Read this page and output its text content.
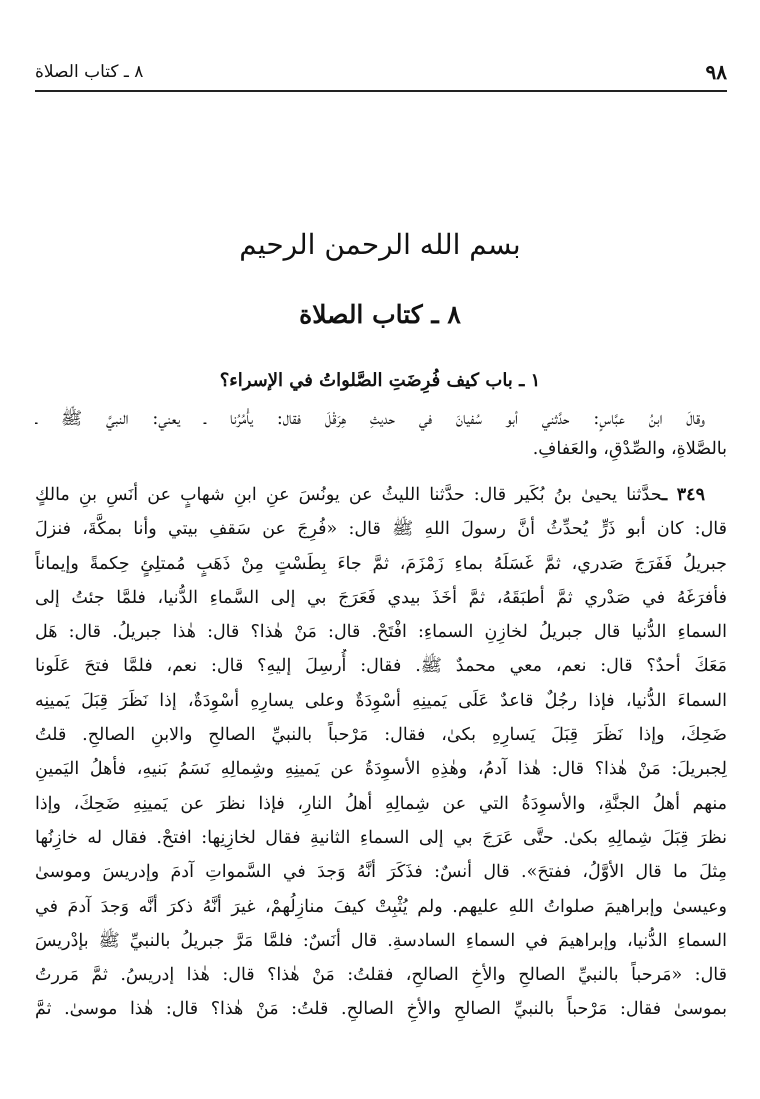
٩٨
٨ ـ كتاب الصلاة
بسم الله الرحمن الرحيم
٨ ـ كتاب الصلاة
١ ـ باب كيف فُرِضَتِ الصَّلواتُ في الإسراء؟
وقالَ ابنُ عبَّاسٍ: حدَّثني أبو سُفيانَ في حديثِ هِرَقْلَ فقال: يأْمُرُنا ـ يعني: النبيَّ ﷺ ـ
بالصَّلاةِ، والصِّدْقِ، والعَفافِ.
٣٤٩ ـحدَّثنا يحيىٰ بنُ بُكَير قال: حدَّثنا الليثُ عن يونُسَ عنِ ابنِ شهابٍ عن أنَسِ بنِ مالكٍ
قال: كان أبو ذَرٍّ يُحدِّثُ أنَّ رسولَ اللهِ ﷺ قال: «فُرِجَ عن سَقفِ بيتي وأنا بمكَّةَ، فنزلَ
جبريلُ فَفَرَجَ صَدري، ثمَّ غَسَلَهُ بماءِ زَمْزَمَ، ثمَّ جاءَ بِطَسْتٍ مِنْ ذَهَبٍ مُمتلِئٍ حِكمةً وإيماناً
فأفرَغَهُ في صَدْري ثمَّ أطبَقَهُ، ثمَّ أخَذَ بيدي فَعَرَجَ بي إلى السَّماءِ الدُّنيا، فلمَّا جئتُ إلى
السماءِ الدُّنيا قال جبريلُ لخازِنِ السماءِ: افْتَحْ. قال: مَنْ هٰذا؟ قال: هٰذا جبريلُ. قال: هَل
مَعَكَ أحدٌ؟ قال: نعم، معي محمدٌ ﷺ. فقال: أُرسِلَ إليهِ؟ قال: نعم، فلمَّا فتحَ عَلَونا
السماءَ الدُّنيا، فإذا رجُلٌ قاعدٌ عَلَى يَمينِهِ أسْوِدَةٌ وعلى يسارِهِ أسْوِدَةٌ، إذا نَظَرَ قِبَلَ يَمينِه
ضَحِكَ، وإذا نَظَرَ قِبَلَ يَسارِهِ بكىٰ، فقال: مَرْحباً بالنبيِّ الصالحِ والابنِ الصالحِ. قلتُ
لِجبريلَ: مَنْ هٰذا؟ قال: هٰذا آدمُ، وهٰذِهِ الأسوِدَةُ عن يَمينِهِ وشِمالِهِ نَسَمُ بَنيهِ، فأهلُ اليَمينِ
منهم أهلُ الجنَّةِ، والأسوِدَةُ التي عن شِمالِهِ أهلُ النارِ، فإذا نظرَ عن يَمينِهِ ضَحِكَ، وإذا
نظرَ قِبَلَ شِمالِهِ بكىٰ. حتَّى عَرَجَ بي إلى السماءِ الثانيةِ فقال لخازِنِها: افتحْ. فقال له خازِنُها
مِثلَ ما قال الأوَّلُ، ففتحَ». قال أنسٌ: فذَكَرَ أنَّهُ وَجدَ في السَّمواتِ آدمَ وإدريسَ وموسىٰ
وعيسىٰ وإبراهيمَ صلواتُ اللهِ عليهم. ولم يُثْبِتْ كيفَ منازِلُهمْ، غيرَ أنَّهُ ذكرَ أنَّه وَجدَ آدمَ في
السماءِ الدُّنيا، وإبراهيمَ في السماءِ السادسةِ. قال أنَسٌ: فلمَّا مَرَّ جبريلُ بالنبيِّ ﷺ بإدْريسَ
قال: «مَرحباً بالنبيِّ الصالحِ والأخِ الصالحِ، فقلتُ: مَنْ هٰذا؟ قال: هٰذا إدريسُ. ثمَّ مَررتُ
بموسىٰ فقال: مَرْحباً بالنبيِّ الصالحِ والأخِ الصالحِ. قلتُ: مَنْ هٰذا؟ قال: هٰذا موسىٰ. ثمَّ
